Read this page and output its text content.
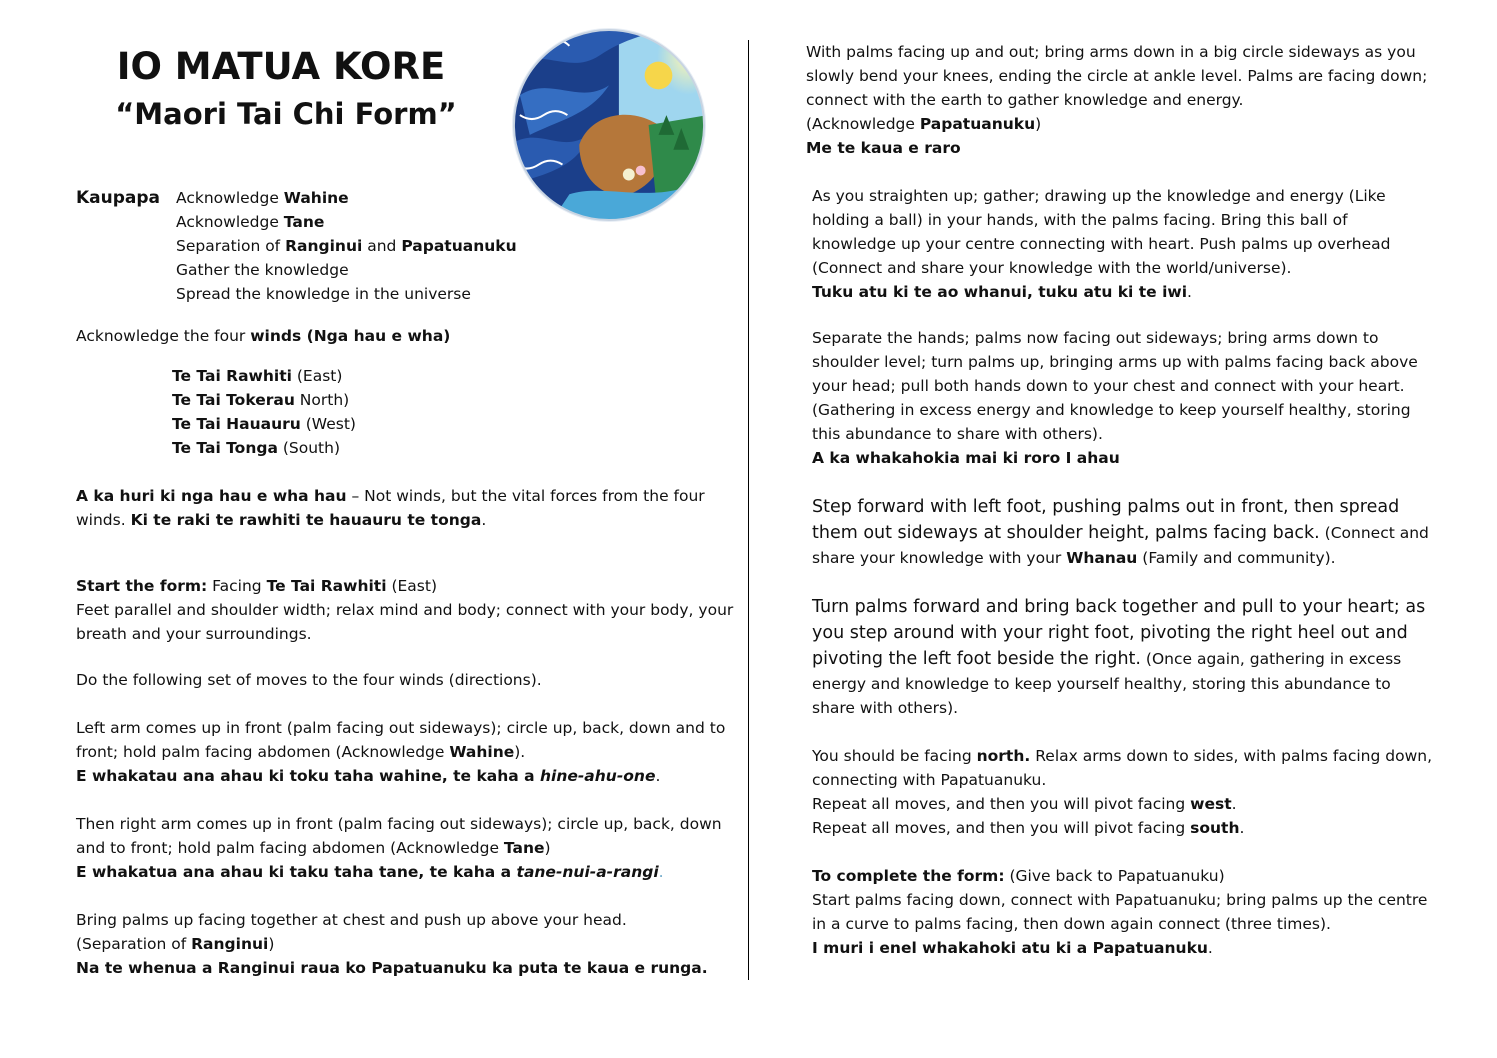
IO MATUA KORE
“Maori Tai Chi Form”
Kaupapa Acknowledge Wahine

Acknowledge Tane

Separation of Ranginui and Papatuanuku

Gather the knowledge

Spread the knowledge in the universe

Acknowledge the four winds (Nga hau e wha)

Te Tai Rawhiti (East)

Te Tai Tokerau North)

Te Tai Hauauru (West)

Te Tai Tonga (South)

A ka huri ki nga hau e wha hau – Not winds, but the vital forces from the four winds. Ki te raki te rawhiti te hauauru te tonga.

Start the form: Facing Te Tai Rawhiti (East)

Feet parallel and shoulder width; relax mind and body; connect with your body, your breath and your surroundings.

Do the following set of moves to the four winds (directions).

Left arm comes up in front (palm facing out sideways); circle up, back, down and to front; hold palm facing abdomen (Acknowledge Wahine).

E whakatau ana ahau ki toku taha wahine, te kaha a hine-ahu-one.

Then right arm comes up in front (palm facing out sideways); circle up, back, down and to front; hold palm facing abdomen (Acknowledge Tane)

E whakatua ana ahau ki taku taha tane, te kaha a tane-nui-a-rangi.

Bring palms up facing together at chest and push up above your head.

(Separation of Ranginui)

Na te whenua a Ranginui raua ko Papatuanuku ka puta te kaua e runga.

With palms facing up and out; bring arms down in a big circle sideways as you slowly bend your knees, ending the circle at ankle level. Palms are facing down; connect with the earth to gather knowledge and energy.

(Acknowledge Papatuanuku)

Me te kaua e raro

As you straighten up; gather; drawing up the knowledge and energy (Like holding a ball) in your hands, with the palms facing. Bring this ball of knowledge up your centre connecting with heart. Push palms up overhead (Connect and share your knowledge with the world/universe).

Tuku atu ki te ao whanui, tuku atu ki te iwi.

Separate the hands; palms now facing out sideways; bring arms down to shoulder level; turn palms up, bringing arms up with palms facing back above your head; pull both hands down to your chest and connect with your heart. (Gathering in excess energy and knowledge to keep yourself healthy, storing this abundance to share with others).

A ka whakahokia mai ki roro I ahau

Step forward with left foot, pushing palms out in front, then spread them out sideways at shoulder height, palms facing back. (Connect and share your knowledge with your Whanau (Family and community).

Turn palms forward and bring back together and pull to your heart; as you step around with your right foot, pivoting the right heel out and pivoting the left foot beside the right. (Once again, gathering in excess energy and knowledge to keep yourself healthy, storing this abundance to share with others).

You should be facing north. Relax arms down to sides, with palms facing down, connecting with Papatuanuku.

Repeat all moves, and then you will pivot facing west.

Repeat all moves, and then you will pivot facing south.

To complete the form: (Give back to Papatuanuku)

Start palms facing down, connect with Papatuanuku; bring palms up the centre in a curve to palms facing, then down again connect (three times).

I muri i enel whakahoki atu ki a Papatuanuku.
